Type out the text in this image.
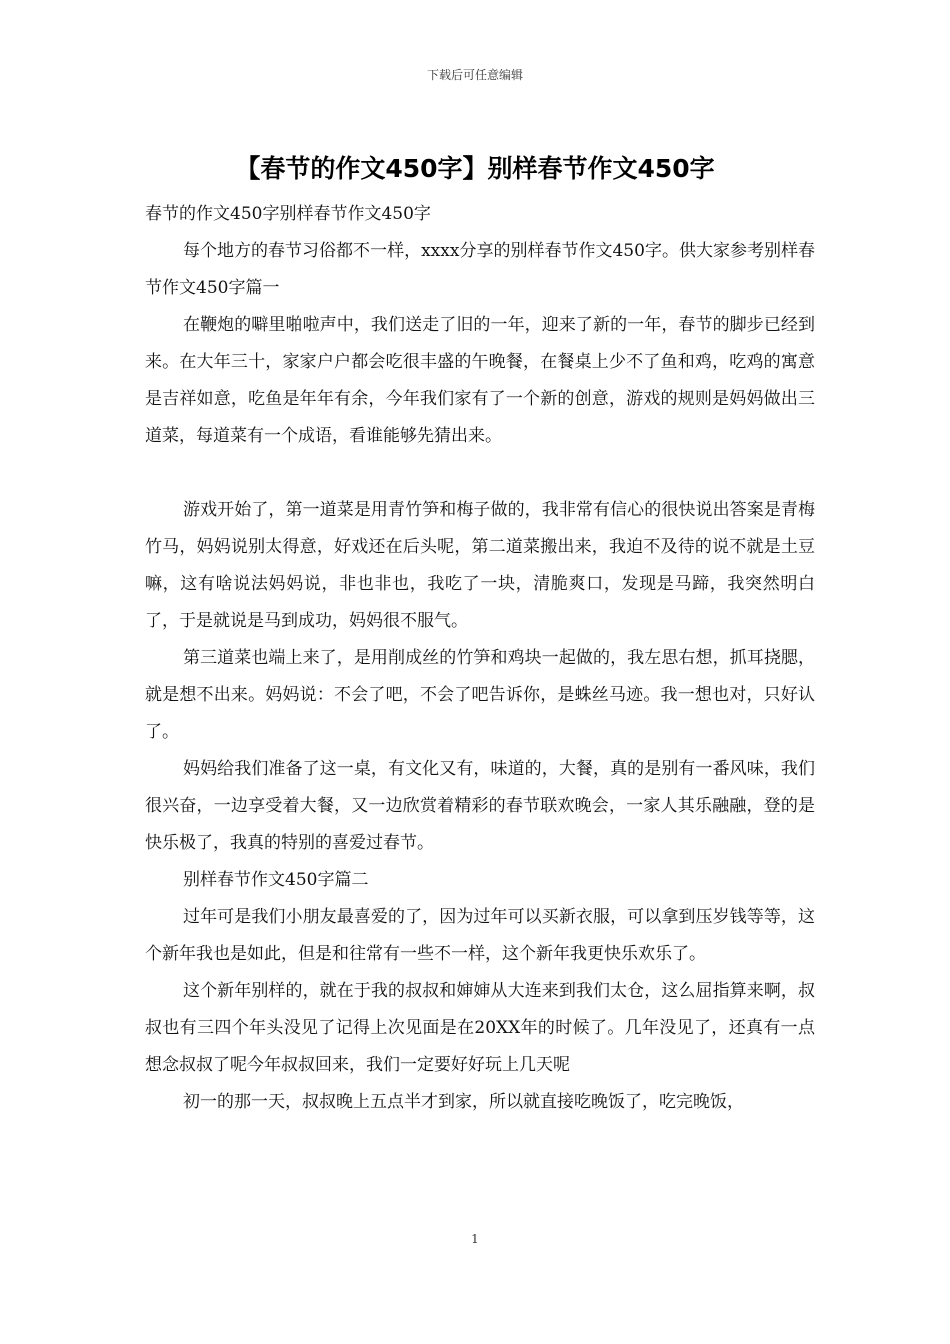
下载后可任意编辑
【春节的作文450字】别样春节作文450字

春节的作文450字别样春节作文450字

每个地方的春节习俗都不一样，xxxx分享的别样春节作文450字。供大家参考别样春节作文450字篇一

在鞭炮的噼里啪啦声中，我们送走了旧的一年，迎来了新的一年，春节的脚步已经到来。在大年三十，家家户户都会吃很丰盛的午晚餐，在餐桌上少不了鱼和鸡，吃鸡的寓意是吉祥如意，吃鱼是年年有余，今年我们家有了一个新的创意，游戏的规则是妈妈做出三道菜，每道菜有一个成语，看谁能够先猜出来。

游戏开始了，第一道菜是用青竹笋和梅子做的，我非常有信心的很快说出答案是青梅竹马，妈妈说别太得意，好戏还在后头呢，第二道菜搬出来，我迫不及待的说不就是土豆嘛，这有啥说法妈妈说，非也非也，我吃了一块，清脆爽口，发现是马蹄，我突然明白了，于是就说是马到成功，妈妈很不服气。

第三道菜也端上来了，是用削成丝的竹笋和鸡块一起做的，我左思右想，抓耳挠腮，就是想不出来。妈妈说：不会了吧，不会了吧告诉你，是蛛丝马迹。我一想也对，只好认了。

妈妈给我们准备了这一桌，有文化又有，味道的，大餐，真的是别有一番风味，我们很兴奋，一边享受着大餐，又一边欣赏着精彩的春节联欢晚会，一家人其乐融融，登的是快乐极了，我真的特别的喜爱过春节。

别样春节作文450字篇二

过年可是我们小朋友最喜爱的了，因为过年可以买新衣服，可以拿到压岁钱等等，这个新年我也是如此，但是和往常有一些不一样，这个新年我更快乐欢乐了。

这个新年别样的，就在于我的叔叔和婶婶从大连来到我们太仓，这么屈指算来啊，叔叔也有三四个年头没见了记得上次见面是在20XX年的时候了。几年没见了，还真有一点想念叔叔了呢今年叔叔回来，我们一定要好好玩上几天呢

初一的那一天，叔叔晚上五点半才到家，所以就直接吃晚饭了，吃完晚饭，

1
